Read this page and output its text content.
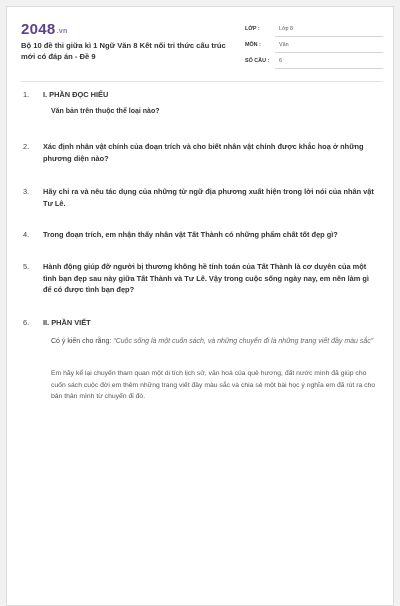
2048.vn
Bộ 10 đề thi giữa kì 1 Ngữ Văn 8 Kết nối tri thức cấu trúc mới có đáp án - Đề 9
LỚP :	Lớp 8
MÔN :	Văn
SỐ CÂU : 6
1. I. PHẦN ĐỌC HIỂU
Văn bản trên thuộc thể loại nào?
2. Xác định nhân vật chính của đoạn trích và cho biết nhân vật chính được khắc hoạ ở những phương diện nào?
3. Hãy chỉ ra và nêu tác dụng của những từ ngữ địa phương xuất hiện trong lời nói của nhân vật Tư Lê.
4. Trong đoạn trích, em nhận thấy nhân vật Tất Thành có những phẩm chất tốt đẹp gì?
5. Hành động giúp đỡ người bị thương không hề tính toán của Tất Thành là cơ duyên của một tình bạn đẹp sau này giữa Tất Thành và Tư Lê. Vậy trong cuộc sống ngày nay, em nên làm gì để có được tình bạn đẹp?
6. II. PHẦN VIẾT
Có ý kiến cho rằng: “Cuộc sống là một cuốn sách, và những chuyến đi là những trang viết đầy màu sắc”
Em hãy kể lại chuyến tham quan một di tích lịch sử, văn hoá của quê hương, đất nước mình đã giúp cho cuốn sách cuộc đời em thêm những trang viết đầy màu sắc và chia sẻ một bài học ý nghĩa em đã rút ra cho bản thân mình từ chuyến đi đó.
